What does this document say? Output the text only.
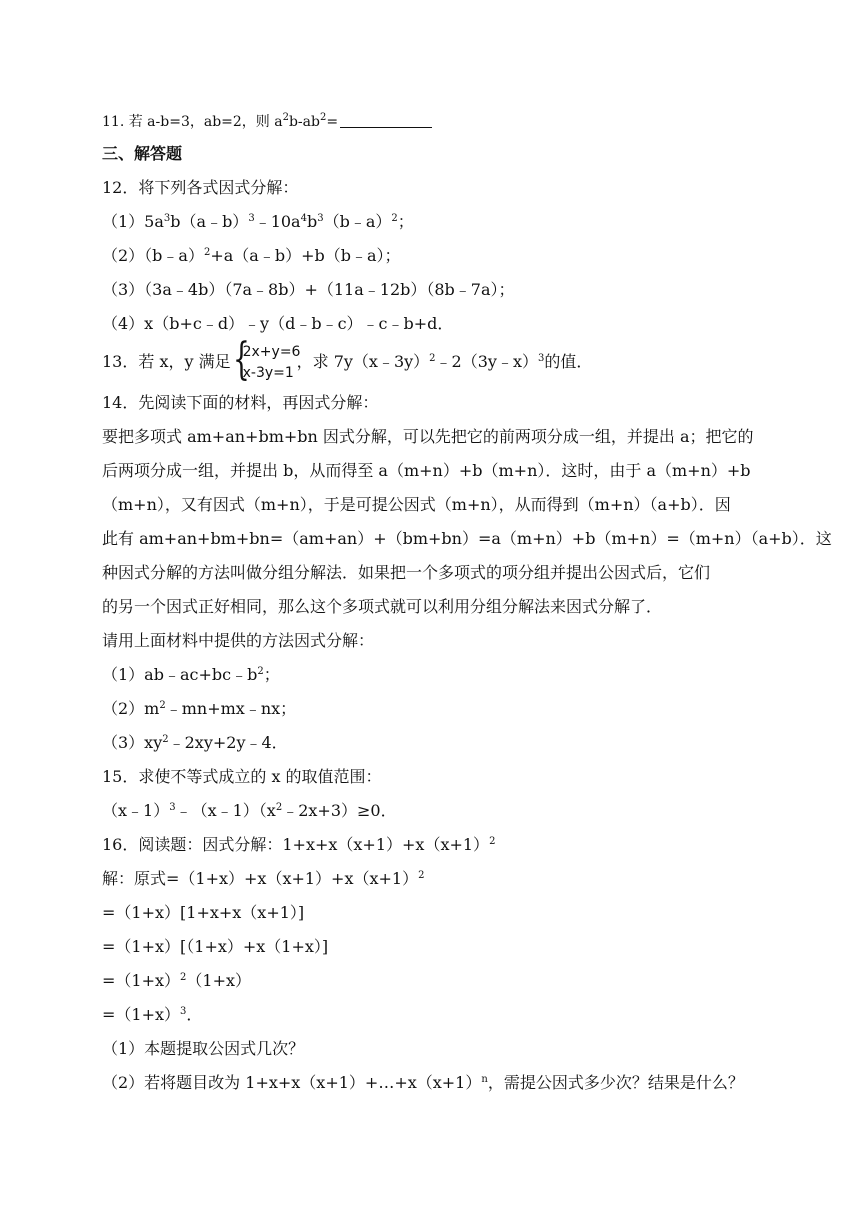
11. 若 a-b=3，ab=2，则 $a^2b-ab^2=$
三、解答题
12．将下列各式因式分解：
$(1)5a^3b(a﹣b)^3﹣10a^4b^3(b﹣a)^2$；
（2）（b﹣a）$^2$+a（a﹣b）+b（b﹣a）；
（3）（3a﹣4b）（7a﹣8b）+（11a﹣12b）（8b﹣7a）；
（4）x（b+c﹣d）﹣y（d﹣b﹣c）﹣c﹣b+d．
13．若 x，y 满足 {
2x+y=6
x-3y=1
，求 7y（x﹣3y）$^2$﹣2（3y﹣x）$^3$的值．
14．先阅读下面的材料，再因式分解：
要把多项式 am+an+bm+bn 因式分解，可以先把它的前两项分成一组，并提出 a；把它的
后两项分成一组，并提出 b，从而得至 a（m+n）+b（m+n）．这时，由于 a（m+n）+b
（m+n），又有因式（m+n），于是可提公因式（m+n），从而得到（m+n）（a+b）．因
此有 am+an+bm+bn=（am+an）+（bm+bn）=a（m+n）+b（m+n）=（m+n）（a+b）．这
种因式分解的方法叫做分组分解法．如果把一个多项式的项分组并提出公因式后，它们
的另一个因式正好相同，那么这个多项式就可以利用分组分解法来因式分解了．
请用上面材料中提供的方法因式分解：
$(1)ab﹣ac+bc﹣b^2$；
$(2)m^2﹣mn+mx﹣nx$；
$(3)xy^2﹣2xy+2y﹣4$．
15．求使不等式成立的 x 的取值范围：
$(x﹣1)^3﹣(x﹣1)(x^2﹣2x+3)\ge 0$．
16．阅读题：因式分解：$1+x+x(x+1)+x(x+1)^2$
解：原式$=(1+x)+x(x+1)+x(x+1)^2$
=（1+x）[1+x+x（x+1）]
=（1+x）[（1+x）+x（1+x）]
$=(1+x)^2(1+x)$
$=(1+x)^3$．
（1）本题提取公因式几次？
（2）若将题目改为 $1+x+x(x+1)+\dots+x(x+1)^n$，需提公因式多少次？结果是什么？
